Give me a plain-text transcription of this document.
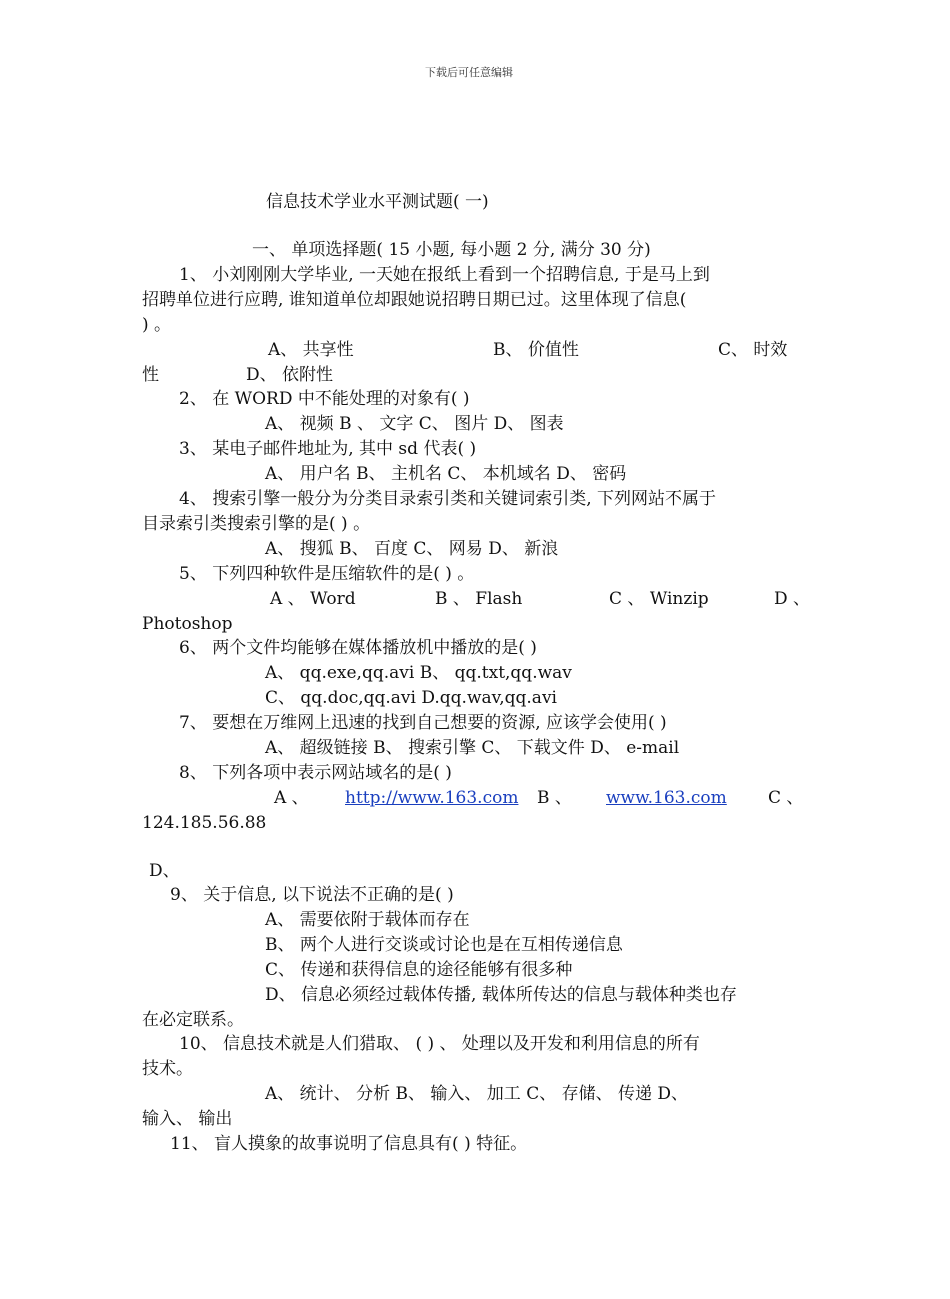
下载后可任意编辑
信息技术学业水平测试题( 一)
一、 单项选择题( 15 小题, 每小题 2 分, 满分 30 分)
1、 小刘刚刚大学毕业, 一天她在报纸上看到一个招聘信息, 于是马上到
招聘单位进行应聘, 谁知道单位却跟她说招聘日期已过。这里体现了信息(
) 。
A、 共享性	B、 价值性	C、 时效
性	D、 依附性
2、 在 WORD 中不能处理的对象有( )
A、 视频 B 、 文字 C、 图片 D、 图表
3、 某电子邮件地址为, 其中 sd 代表( )
A、 用户名 B、 主机名 C、 本机域名 D、 密码
4、 搜索引擎一般分为分类目录索引类和关键词索引类, 下列网站不属于
目录索引类搜索引擎的是( ) 。
A、 搜狐 B、 百度 C、 网易 D、 新浪
5、 下列四种软件是压缩软件的是( ) 。
A 、 Word	B 、 Flash	C 、 Winzip	D 、
Photoshop
6、 两个文件均能够在媒体播放机中播放的是( )
A、 qq.exe,qq.avi B、 qq.txt,qq.wav
C、 qq.doc,qq.avi D.qq.wav,qq.avi
7、 要想在万维网上迅速的找到自己想要的资源, 应该学会使用( )
A、 超级链接 B、 搜索引擎 C、 下载文件 D、 e-mail
8、 下列各项中表示网站域名的是( )
A 、 http://www.163.com B 、 www.163.com C 、
124.185.56.88
D、
9、 关于信息, 以下说法不正确的是( )
A、 需要依附于载体而存在
B、 两个人进行交谈或讨论也是在互相传递信息
C、 传递和获得信息的途径能够有很多种
D、 信息必须经过载体传播, 载体所传达的信息与载体种类也存
在必定联系。
10、 信息技术就是人们猎取、 ( ) 、 处理以及开发和利用信息的所有
技术。
A、 统计、 分析 B、 输入、 加工 C、 存储、 传递 D、
输入、 输出
11、 盲人摸象的故事说明了信息具有( ) 特征。
